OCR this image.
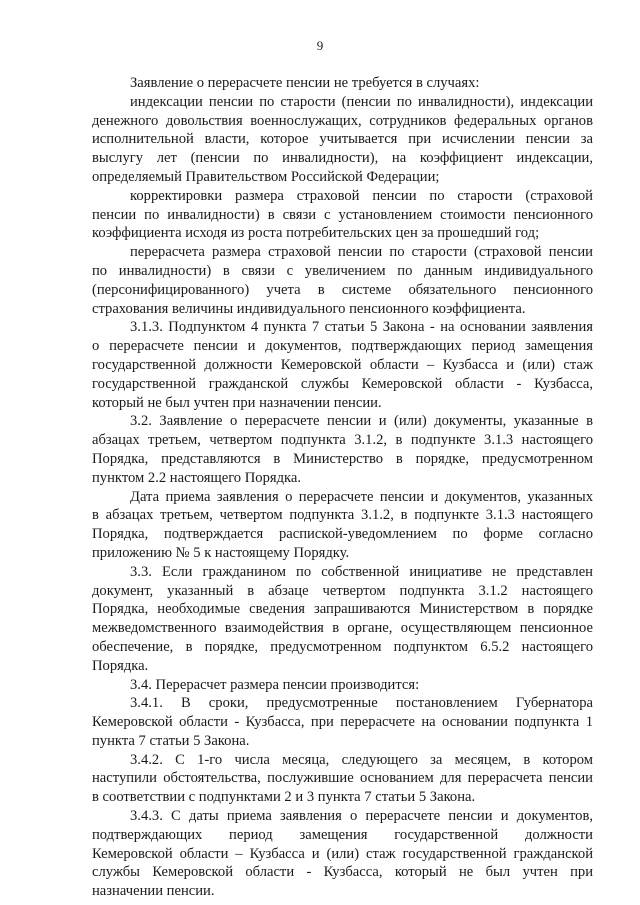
9
Заявление о перерасчете пенсии не требуется в случаях:
индексации пенсии по старости (пенсии по инвалидности), индексации
денежного довольствия военнослужащих, сотрудников федеральных органов
исполнительной власти, которое учитывается при исчислении пенсии за
выслугу лет (пенсии по инвалидности), на коэффициент индексации,
определяемый Правительством Российской Федерации;
корректировки размера страховой пенсии по старости (страховой
пенсии по инвалидности) в связи с установлением стоимости пенсионного
коэффициента исходя из роста потребительских цен за прошедший год;
перерасчета размера страховой пенсии по старости (страховой пенсии
по инвалидности) в связи с увеличением по данным индивидуального
(персонифицированного) учета в системе обязательного пенсионного
страхования величины индивидуального пенсионного коэффициента.
3.1.3. Подпунктом 4 пункта 7 статьи 5 Закона - на основании заявления
о перерасчете пенсии и документов, подтверждающих период замещения
государственной должности Кемеровской области – Кузбасса и (или) стаж
государственной гражданской службы Кемеровской области - Кузбасса,
который не был учтен при назначении пенсии.
3.2. Заявление о перерасчете пенсии и (или) документы, указанные в
абзацах третьем, четвертом подпункта 3.1.2, в подпункте 3.1.3 настоящего
Порядка, представляются в Министерство в порядке, предусмотренном
пунктом 2.2 настоящего Порядка.
Дата приема заявления о перерасчете пенсии и документов, указанных
в абзацах третьем, четвертом подпункта 3.1.2, в подпункте 3.1.3 настоящего
Порядка, подтверждается распиской-уведомлением по форме согласно
приложению № 5 к настоящему Порядку.
3.3. Если гражданином по собственной инициативе не представлен
документ, указанный в абзаце четвертом подпункта 3.1.2 настоящего
Порядка, необходимые сведения запрашиваются Министерством в порядке
межведомственного взаимодействия в органе, осуществляющем пенсионное
обеспечение, в порядке, предусмотренном подпунктом 6.5.2 настоящего
Порядка.
3.4. Перерасчет размера пенсии производится:
3.4.1. В сроки, предусмотренные постановлением Губернатора
Кемеровской области - Кузбасса, при перерасчете на основании подпункта 1
пункта 7 статьи 5 Закона.
3.4.2. С 1-го числа месяца, следующего за месяцем, в котором
наступили обстоятельства, послужившие основанием для перерасчета пенсии
в соответствии с подпунктами 2 и 3 пункта 7 статьи 5 Закона.
3.4.3. С даты приема заявления о перерасчете пенсии и документов,
подтверждающих период замещения государственной должности
Кемеровской области – Кузбасса и (или) стаж государственной гражданской
службы Кемеровской области - Кузбасса, который не был учтен при
назначении пенсии.
